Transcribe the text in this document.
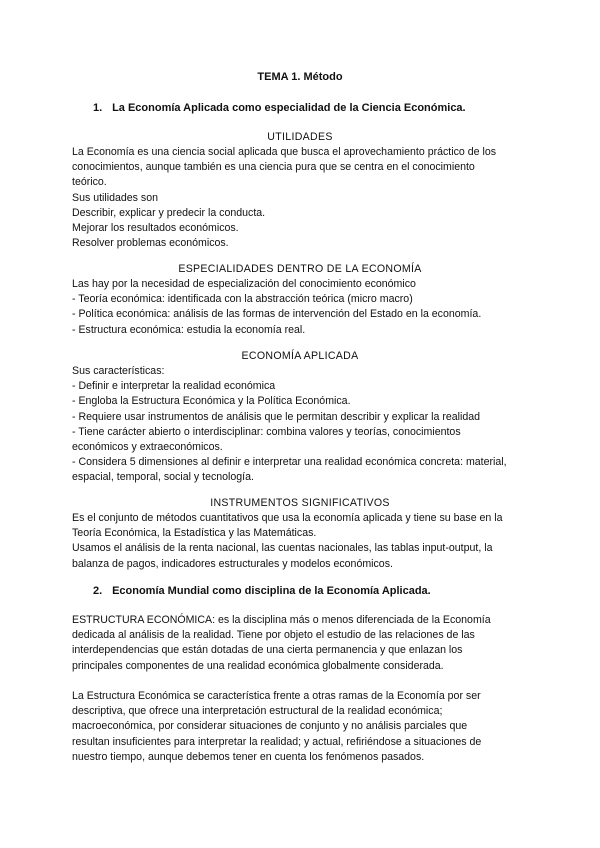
TEMA 1. Método
1. La Economía Aplicada como especialidad de la Ciencia Económica.
UTILIDADES

La Economía es una ciencia social aplicada que busca el aprovechamiento práctico de los

conocimientos, aunque también es una ciencia pura que se centra en el conocimiento

teórico.

Sus utilidades son

Describir, explicar y predecir la conducta.

Mejorar los resultados económicos.

Resolver problemas económicos.

ESPECIALIDADES DENTRO DE LA ECONOMÍA

Las hay por la necesidad de especialización del conocimiento económico

- Teoría económica: identificada con la abstracción teórica (micro macro)

- Política económica: análisis de las formas de intervención del Estado en la economía.

- Estructura económica: estudia la economía real.

ECONOMÍA APLICADA

Sus características:

- Definir e interpretar la realidad económica

- Engloba la Estructura Económica y la Política Económica.

- Requiere usar instrumentos de análisis que le permitan describir y explicar la realidad

- Tiene carácter abierto o interdisciplinar: combina valores y teorías, conocimientos

económicos y extraeconómicos.

- Considera 5 dimensiones al definir e interpretar una realidad económica concreta: material,

espacial, temporal, social y tecnología.

INSTRUMENTOS SIGNIFICATIVOS

Es el conjunto de métodos cuantitativos que usa la economía aplicada y tiene su base en la

Teoría Económica, la Estadística y las Matemáticas.

Usamos el análisis de la renta nacional, las cuentas nacionales, las tablas input-output, la

balanza de pagos, indicadores estructurales y modelos económicos.

2. Economía Mundial como disciplina de la Economía Aplicada.

ESTRUCTURA ECONÓMICA: es la disciplina más o menos diferenciada de la Economía

dedicada al análisis de la realidad. Tiene por objeto el estudio de las relaciones de las

interdependencias que están dotadas de una cierta permanencia y que enlazan los

principales componentes de una realidad económica globalmente considerada.

La Estructura Económica se característica frente a otras ramas de la Economía por ser

descriptiva, que ofrece una interpretación estructural de la realidad económica;

macroeconómica, por considerar situaciones de conjunto y no análisis parciales que

resultan insuficientes para interpretar la realidad; y actual, refiriéndose a situaciones de

nuestro tiempo, aunque debemos tener en cuenta los fenómenos pasados.
